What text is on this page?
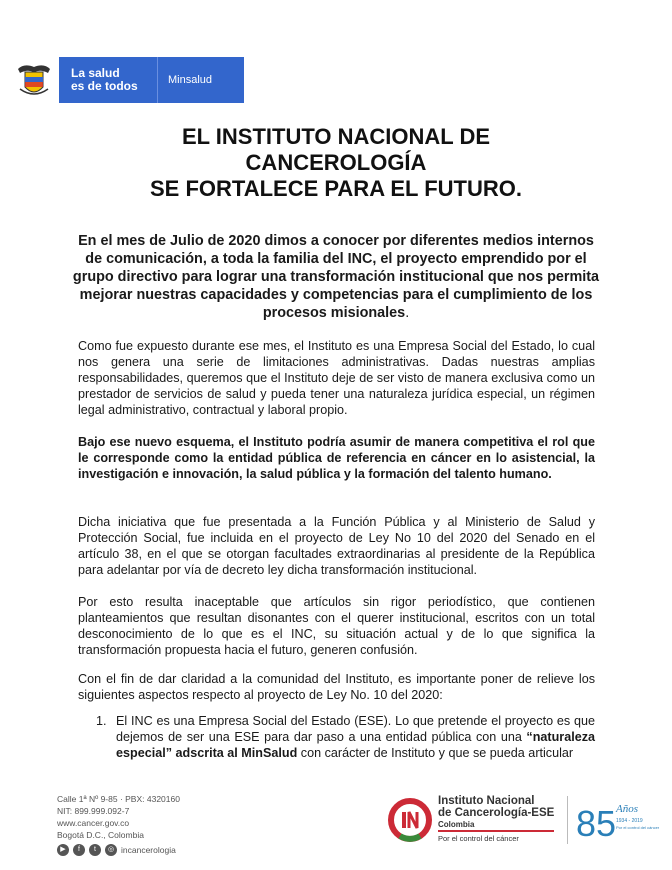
La salud
es de todos	Minsalud
EL INSTITUTO NACIONAL DE
CANCEROLOGÍA
SE FORTALECE PARA EL FUTURO.
En el mes de Julio de 2020 dimos a conocer por diferentes medios internos de comunicación, a toda la familia del INC, el proyecto emprendido por el grupo directivo para lograr una transformación institucional que nos permita mejorar nuestras capacidades y competencias para el cumplimiento de los procesos misionales.
Como fue expuesto durante ese mes, el Instituto es una Empresa Social del Estado, lo cual nos genera una serie de limitaciones administrativas. Dadas nuestras amplias responsabilidades, queremos que el Instituto deje de ser visto de manera exclusiva como un prestador de servicios de salud y pueda tener una naturaleza jurídica especial, un régimen legal administrativo, contractual y laboral propio.
Bajo ese nuevo esquema, el Instituto podría asumir de manera competitiva el rol que le corresponde como la entidad pública de referencia en cáncer en lo asistencial, la investigación e innovación, la salud pública y la formación del talento humano.
Dicha iniciativa que fue presentada a la Función Pública y al Ministerio de Salud y Protección Social, fue incluida en el proyecto de Ley No 10 del 2020 del Senado en el artículo 38, en el que se otorgan facultades extraordinarias al presidente de la República para adelantar por vía de decreto ley dicha transformación institucional.
Por esto resulta inaceptable que artículos sin rigor periodístico, que contienen planteamientos que resultan disonantes con el querer institucional, escritos con un total desconocimiento de lo que es el INC, su situación actual y de lo que significa la transformación propuesta hacia el futuro, generen confusión.
Con el fin de dar claridad a la comunidad del Instituto, es importante poner de relieve los siguientes aspectos respecto al proyecto de Ley No. 10 del 2020:
1. El INC es una Empresa Social del Estado (ESE). Lo que pretende el proyecto es que dejemos de ser una ESE para dar paso a una entidad pública con una “naturaleza especial” adscrita al MinSalud con carácter de Instituto y que se pueda articular
Calle 1ª Nº 9-85 · PBX: 4320160
NIT: 899.999.092-7
www.cancer.gov.co
Bogotá D.C., Colombia
▶	f	t	◎ incancerologia
Instituto Nacional
de Cancerología-ESE
Colombia
Por el control del cáncer	85 Años
1934 - 2019
Por el control del cáncer
